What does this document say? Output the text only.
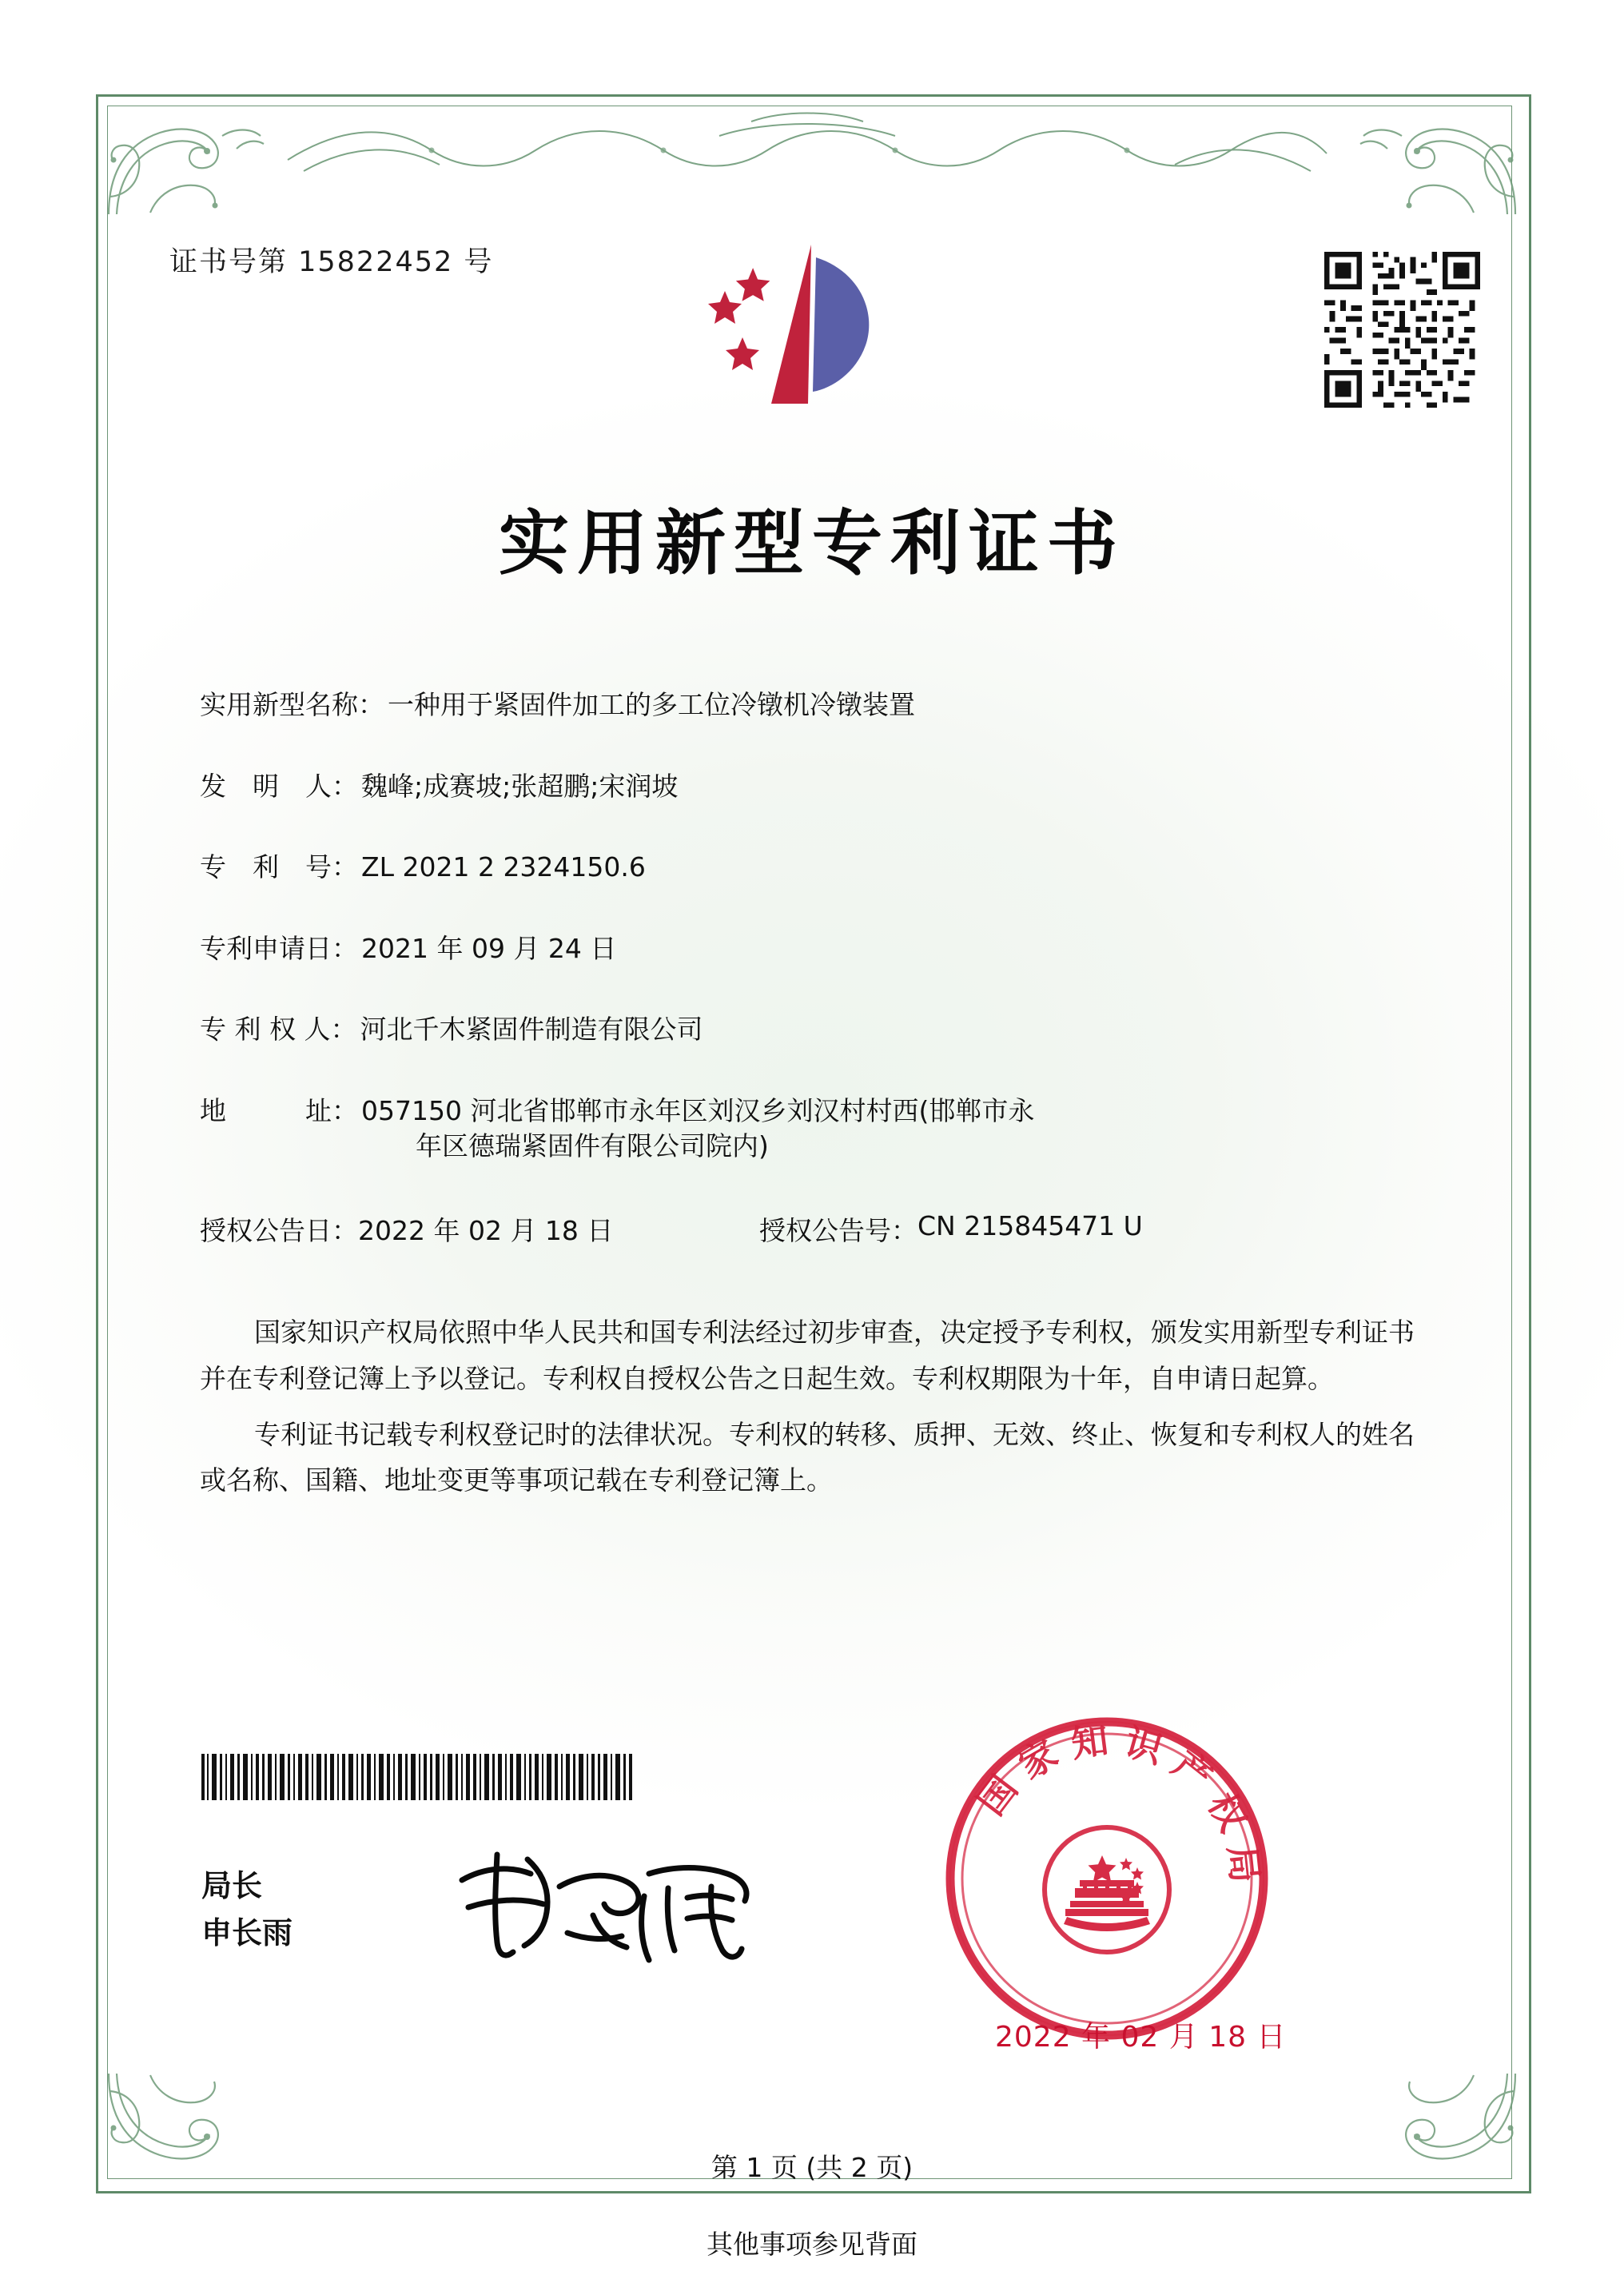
证书号第 15822452 号
实用新型专利证书
实用新型名称： 一种用于紧固件加工的多工位冷镦机冷镦装置
发　明　人： 魏峰;成赛坡;张超鹏;宋润坡
专　利　号： ZL 2021 2 2324150.6
专利申请日： 2021 年 09 月 24 日
专 利 权 人： 河北千木紧固件制造有限公司
地　　　址： 057150 河北省邯郸市永年区刘汉乡刘汉村村西(邯郸市永
年区德瑞紧固件有限公司院内)
授权公告日： 2022 年 02 月 18 日	授权公告号： CN 215845471 U

国家知识产权局依照中华人民共和国专利法经过初步审查，决定授予专利权，颁发实用新型专利证书并在专利登记簿上予以登记。专利权自授权公告之日起生效。专利权期限为十年，自申请日起算。

专利证书记载专利权登记时的法律状况。专利权的转移、质押、无效、终止、恢复和专利权人的姓名或名称、国籍、地址变更等事项记载在专利登记簿上。

局长
申长雨
国 家 知 识 产 权 局
2022 年 02 月 18 日
第 1 页 (共 2 页)
其他事项参见背面
